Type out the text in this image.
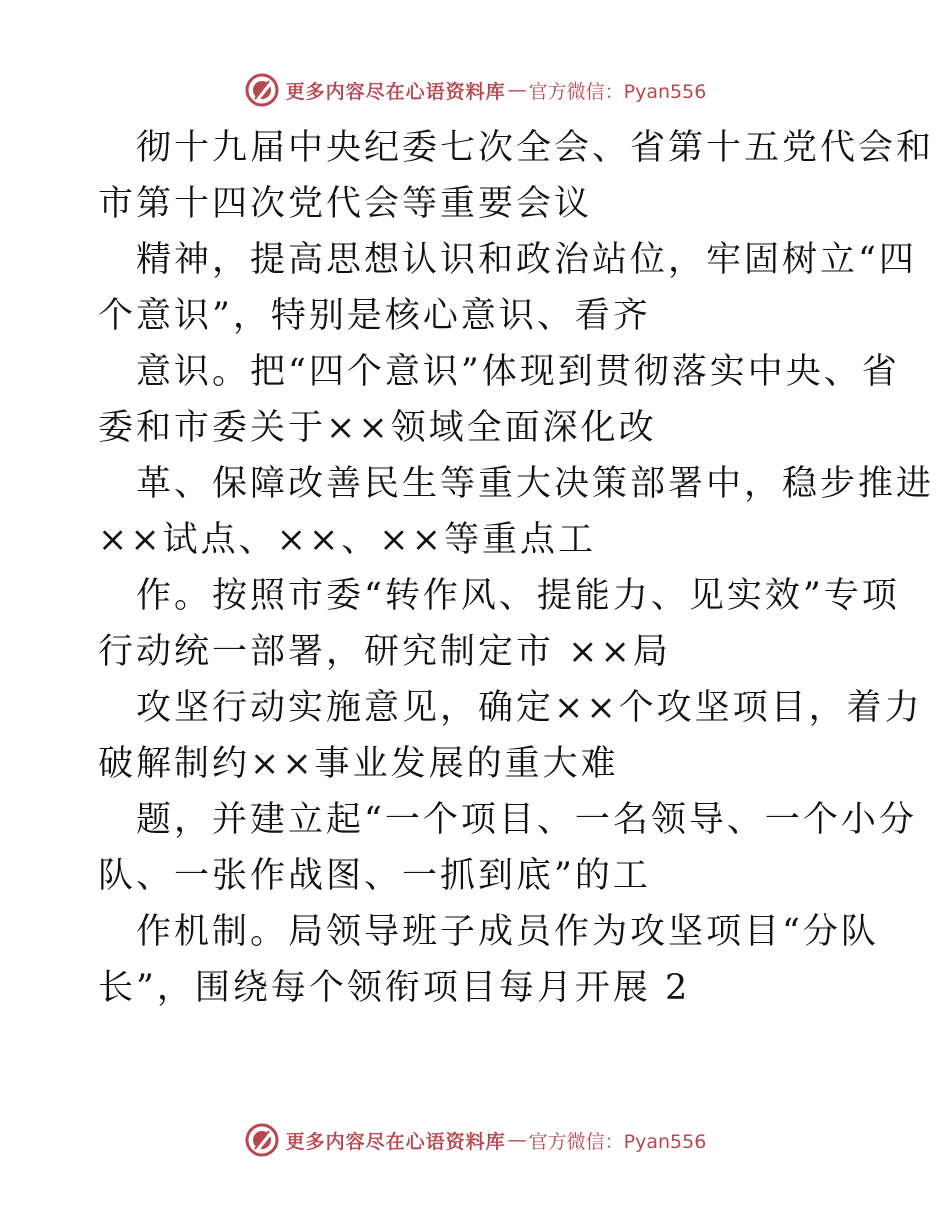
更多内容尽在心语资料库 — 官方微信：Pyan556
彻十九届中央纪委七次全会、省第十五党代会和
市第十四次党代会等重要会议
精神，提高思想认识和政治站位，牢固树立“四
个意识”，特别是核心意识、看齐
意识。把“四个意识”体现到贯彻落实中央、省
委和市委关于××领域全面深化改
革、保障改善民生等重大决策部署中，稳步推进
××试点、××、××等重点工
作。按照市委“转作风、提能力、见实效”专项
行动统一部署，研究制定市 ××局
攻坚行动实施意见，确定××个攻坚项目，着力
破解制约××事业发展的重大难
题，并建立起“一个项目、一名领导、一个小分
队、一张作战图、一抓到底”的工
作机制。局领导班子成员作为攻坚项目“分队
长”，围绕每个领衔项目每月开展 2
更多内容尽在心语资料库 — 官方微信：Pyan556
